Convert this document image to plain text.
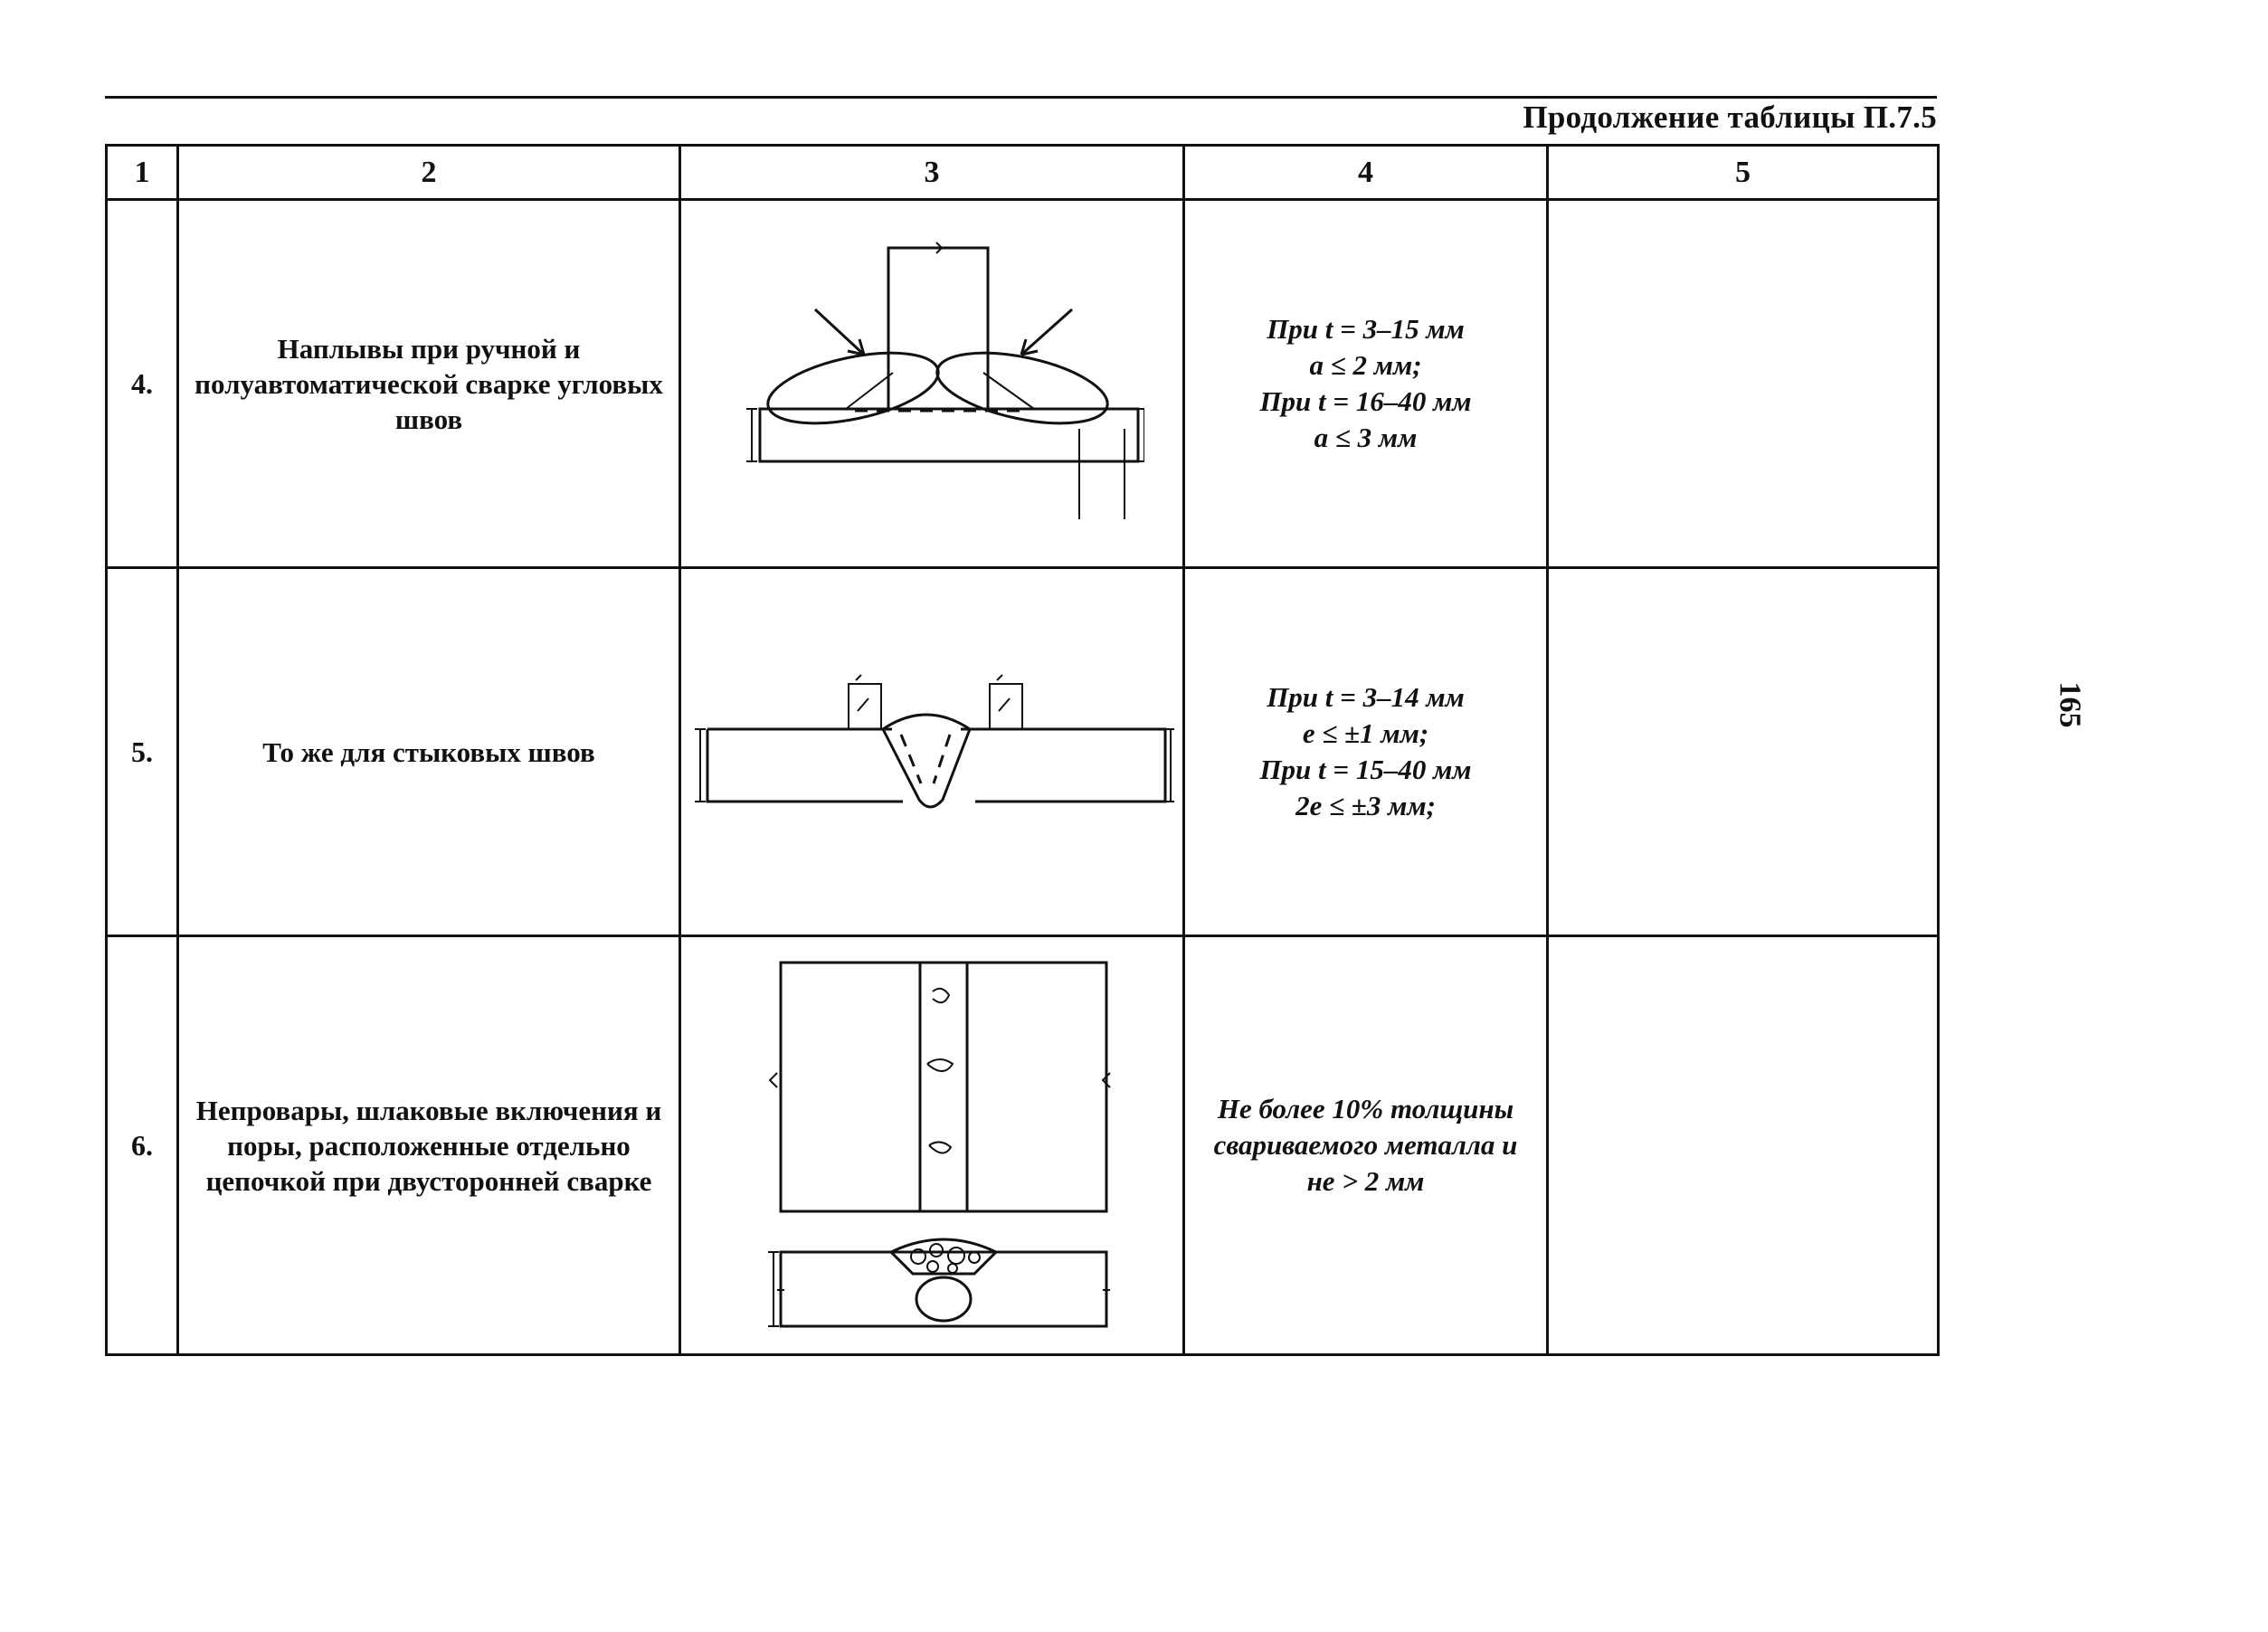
Продолжение таблицы П.7.5
165
1	2	3	4	5
4.	Наплывы при ручной и полуавтоматической сварке угловых швов		При t = 3–15 мм
a ≤ 2 мм;
При t = 16–40 мм
a ≤ 3 мм	

5.	То же для стыковых швов		При t = 3–14 мм
e ≤ ±1 мм;
При t = 15–40 мм
2e ≤ ±3 мм;	

6.	Непровары, шлаковые включения и поры, расположенные отдельно цепочкой при двусторонней сварке		Не более 10% толщины
свариваемого металла и
не > 2 мм	
